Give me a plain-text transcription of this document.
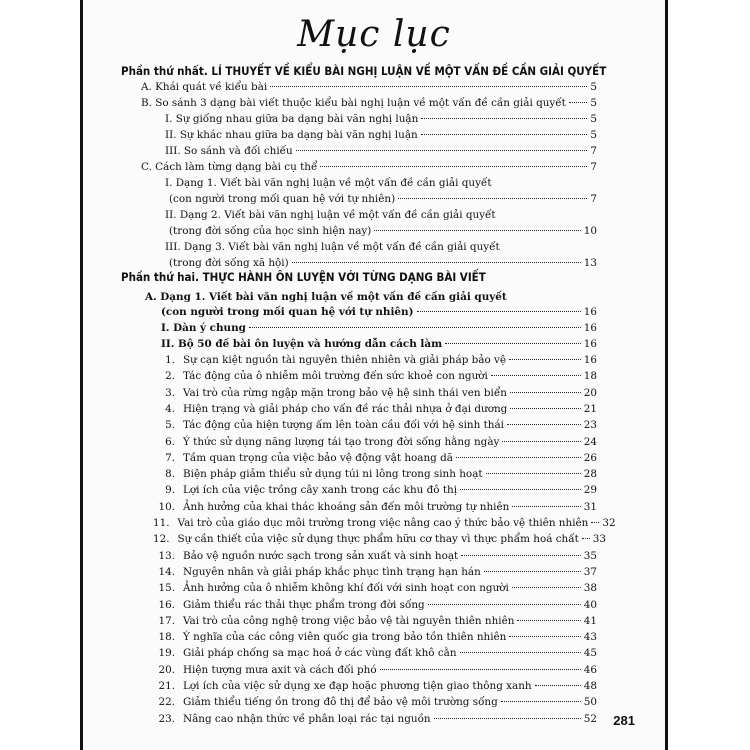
Mục lục
Phần thứ nhất. LÍ THUYẾT VỀ KIỂU BÀI NGHỊ LUẬN VỀ MỘT VẤN ĐỀ CẦN GIẢI QUYẾT
A. Khái quát về kiểu bài	5
B. So sánh 3 dạng bài viết thuộc kiểu bài nghị luận về một vấn đề cần giải quyết 5
I. Sự giống nhau giữa ba dạng bài văn nghị luận	5
II. Sự khác nhau giữa ba dạng bài văn nghị luận	5
III. So sánh và đối chiếu	7
C. Cách làm từng dạng bài cụ thể	7
I. Dạng 1. Viết bài văn nghị luận về một vấn đề cần giải quyết
(con người trong mối quan hệ với tự nhiên)	7
II. Dạng 2. Viết bài văn nghị luận về một vấn đề cần giải quyết
(trong đời sống của học sinh hiện nay)	10
III. Dạng 3. Viết bài văn nghị luận về một vấn đề cần giải quyết
(trong đời sống xã hội)	13
Phần thứ hai. THỰC HÀNH ÔN LUYỆN VỚI TỪNG DẠNG BÀI VIẾT
A. Dạng 1. Viết bài văn nghị luận về một vấn đề cần giải quyết
(con người trong mối quan hệ với tự nhiên)	16
I. Dàn ý chung	16
II. Bộ 50 đề bài ôn luyện và hướng dẫn cách làm	16
1. Sự cạn kiệt nguồn tài nguyên thiên nhiên và giải pháp bảo vệ	16
2. Tác động của ô nhiễm môi trường đến sức khoẻ con người	18
3. Vai trò của rừng ngập mặn trong bảo vệ hệ sinh thái ven biển	20
4. Hiện trạng và giải pháp cho vấn đề rác thải nhựa ở đại dương	21
5. Tác động của hiện tượng ấm lên toàn cầu đối với hệ sinh thái	23
6. Ý thức sử dụng năng lượng tái tạo trong đời sống hằng ngày	24
7. Tầm quan trọng của việc bảo vệ động vật hoang dã	26
8. Biện pháp giảm thiểu sử dụng túi ni lông trong sinh hoạt	28
9. Lợi ích của việc trồng cây xanh trong các khu đô thị	29
10. Ảnh hưởng của khai thác khoáng sản đến môi trường tự nhiên	31
11. Vai trò của giáo dục môi trường trong việc nâng cao ý thức bảo vệ thiên nhiên 32
12. Sự cần thiết của việc sử dụng thực phẩm hữu cơ thay vì thực phẩm hoá chất 33
13. Bảo vệ nguồn nước sạch trong sản xuất và sinh hoạt	35
14. Nguyên nhân và giải pháp khắc phục tình trạng hạn hán	37
15. Ảnh hưởng của ô nhiễm không khí đối với sinh hoạt con người	38
16. Giảm thiểu rác thải thực phẩm trong đời sống	40
17. Vai trò của công nghệ trong việc bảo vệ tài nguyên thiên nhiên	41
18. Ý nghĩa của các công viên quốc gia trong bảo tồn thiên nhiên	43
19. Giải pháp chống sa mạc hoá ở các vùng đất khô cằn	45
20. Hiện tượng mưa axit và cách đối phó	46
21. Lợi ích của việc sử dụng xe đạp hoặc phương tiện giao thông xanh	48
22. Giảm thiểu tiếng ồn trong đô thị để bảo vệ môi trường sống	50
23. Nâng cao nhận thức về phân loại rác tại nguồn	52 281
